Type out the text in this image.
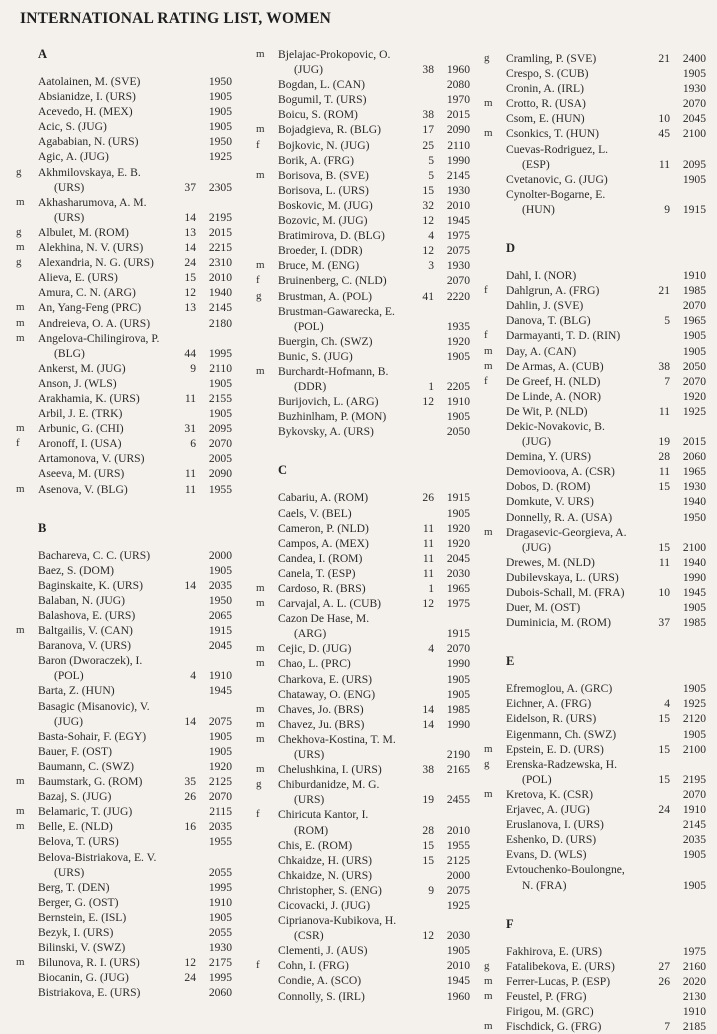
INTERNATIONAL RATING LIST, WOMEN
A
Aatolainen, M. (SVE)	1950
Absianidze, I. (URS)	1905
Acevedo, H. (MEX)	1905
Acic, S. (JUG)	1905
Agababian, N. (URS)	1950
Agic, A. (JUG)	1925
g	Akhmilovskaya, E. B.
(URS)	37	2305
m	Akhasharumova, A. M.
(URS)	14	2195
g	Albulet, M. (ROM)	13	2015
m	Alekhina, N. V. (URS)	14	2215
g	Alexandria, N. G. (URS)	24	2310
Alieva, E. (URS)	15	2010
Amura, C. N. (ARG)	12	1940
m	An, Yang-Feng (PRC)	13	2145
m	Andreieva, O. A. (URS)	2180
m	Angelova-Chilingirova, P.
(BLG)	44	1995
Ankerst, M. (JUG)	9	2110
Anson, J. (WLS)	1905
Arakhamia, K. (URS)	11	2155
Arbil, J. E. (TRK)	1905
m	Arbunic, G. (CHI)	31	2095
f	Aronoff, I. (USA)	6	2070
Artamonova, V. (URS)	2005
Aseeva, M. (URS)	11	2090
m	Asenova, V. (BLG)	11	1955
B
Bachareva, C. C. (URS)	2000
Baez, S. (DOM)	1905
Baginskaite, K. (URS)	14	2035
Balaban, N. (JUG)	1950
Balashova, E. (URS)	2065
m	Baltgailis, V. (CAN)	1915
Baranova, V. (URS)	2045
Baron (Dworaczek), I.
(POL)	4	1910
Barta, Z. (HUN)	1945
Basagic (Misanovic), V.
(JUG)	14	2075
Basta-Sohair, F. (EGY)	1905
Bauer, F. (OST)	1905
Baumann, C. (SWZ)	1920
m	Baumstark, G. (ROM)	35	2125
Bazaj, S. (JUG)	26	2070
m	Belamaric, T. (JUG)	2115
m	Belle, E. (NLD)	16	2035
Belova, T. (URS)	1955
Belova-Bistriakova, E. V.
(URS)	2055
Berg, T. (DEN)	1995
Berger, G. (OST)	1910
Bernstein, E. (ISL)	1905
Bezyk, I. (URS)	2055
Bilinski, V. (SWZ)	1930
m	Bilunova, R. I. (URS)	12	2175
Biocanin, G. (JUG)	24	1995
Bistriakova, E. (URS)	2060
m	Bjelajac-Prokopovic, O.
(JUG)	38	1960
Bogdan, L. (CAN)	2080
Bogumil, T. (URS)	1970
Boicu, S. (ROM)	38	2015
m	Bojadgieva, R. (BLG)	17	2090
f	Bojkovic, N. (JUG)	25	2110
Borik, A. (FRG)	5	1990
m	Borisova, B. (SVE)	5	2145
Borisova, L. (URS)	15	1930
Boskovic, M. (JUG)	32	2010
Bozovic, M. (JUG)	12	1945
Bratimirova, D. (BLG)	4	1975
Broeder, I. (DDR)	12	2075
m	Bruce, M. (ENG)	3	1930
f	Bruinenberg, C. (NLD)	2070
g	Brustman, A. (POL)	41	2220
Brustman-Gawarecka, E.
(POL)	1935
Buergin, Ch. (SWZ)	1920
Bunic, S. (JUG)	1905
m	Burchardt-Hofmann, B.
(DDR)	1	2205
Burijovich, L. (ARG)	12	1910
Buzhinlham, P. (MON)	1905
Bykovsky, A. (URS)	2050
C
Cabariu, A. (ROM)	26	1915
Caels, V. (BEL)	1905
Cameron, P. (NLD)	11	1920
Campos, A. (MEX)	11	1920
Candea, I. (ROM)	11	2045
Canela, T. (ESP)	11	2030
m	Cardoso, R. (BRS)	1	1965
m	Carvajal, A. L. (CUB)	12	1975
Cazon De Hase, M.
(ARG)	1915
m	Cejic, D. (JUG)	4	2070
m	Chao, L. (PRC)	1990
Charkova, E. (URS)	1905
Chataway, O. (ENG)	1905
m	Chaves, Jo. (BRS)	14	1985
m	Chavez, Ju. (BRS)	14	1990
m	Chekhova-Kostina, T. M.
(URS)	2190
m	Chelushkina, I. (URS)	38	2165
g	Chiburdanidze, M. G.
(URS)	19	2455
f	Chiricuta Kantor, I.
(ROM)	28	2010
Chis, E. (ROM)	15	1955
Chkaidze, H. (URS)	15	2125
Chkaidze, N. (URS)	2000
Christopher, S. (ENG)	9	2075
Cicovacki, J. (JUG)	1925
Ciprianova-Kubikova, H.
(CSR)	12	2030
Clementi, J. (AUS)	1905
f	Cohn, I. (FRG)	2010
Condie, A. (SCO)	1945
Connolly, S. (IRL)	1960
g	Cramling, P. (SVE)	21	2400
Crespo, S. (CUB)	1905
Cronin, A. (IRL)	1930
m	Crotto, R. (USA)	2070
Csom, E. (HUN)	10	2045
m	Csonkics, T. (HUN)	45	2100
Cuevas-Rodriguez, L.
(ESP)	11	2095
Cvetanovic, G. (JUG)	1905
Cynolter-Bogarne, E.
(HUN)	9	1915
D
Dahl, I. (NOR)	1910
f	Dahlgrun, A. (FRG)	21	1985
Dahlin, J. (SVE)	2070
Danova, T. (BLG)	5	1965
f	Darmayanti, T. D. (RIN)	1905
m	Day, A. (CAN)	1905
m	De Armas, A. (CUB)	38	2050
f	De Greef, H. (NLD)	7	2070
De Linde, A. (NOR)	1920
De Wit, P. (NLD)	11	1925
Dekic-Novakovic, B.
(JUG)	19	2015
Demina, Y. (URS)	28	2060
Demovioova, A. (CSR)	11	1965
Dobos, D. (ROM)	15	1930
Domkute, V. URS)	1940
Donnelly, R. A. (USA)	1950
m	Dragasevic-Georgieva, A.
(JUG)	15	2100
Drewes, M. (NLD)	11	1940
Dubilevskaya, L. (URS)	1990
Dubois-Schall, M. (FRA)	10	1945
Duer, M. (OST)	1905
Duminicia, M. (ROM)	37	1985
E
Efremoglou, A. (GRC)	1905
Eichner, A. (FRG)	4	1925
Eidelson, R. (URS)	15	2120
Eigenmann, Ch. (SWZ)	1905
m	Epstein, E. D. (URS)	15	2100
g	Erenska-Radzewska, H.
(POL)	15	2195
m	Kretova, K. (CSR)	2070
Erjavec, A. (JUG)	24	1910
Eruslanova, I. (URS)	2145
Eshenko, D. (URS)	2035
Evans, D. (WLS)	1905
Evtouchenko-Boulongne,
N. (FRA)	1905
F
Fakhirova, E. (URS)	1975
g	Fatalibekova, E. (URS)	27	2160
m	Ferrer-Lucas, P. (ESP)	26	2020
m	Feustel, P. (FRG)	2130
Firigou, M. (GRC)	1910
m	Fischdick, G. (FRG)	7	2185
